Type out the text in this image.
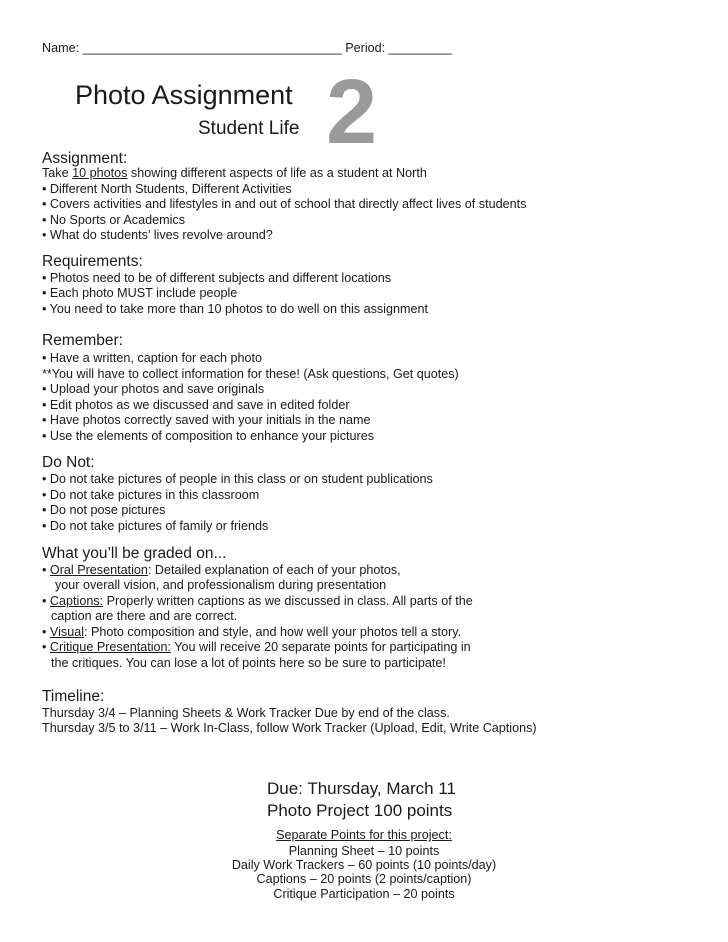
Name: _____________________________________ Period: _________
Photo Assignment
Student Life 2
Assignment:
Take 10 photos showing different aspects of life as a student at North
• Different North Students, Different Activities
• Covers activities and lifestyles in and out of school that directly affect lives of students
• No Sports or Academics
• What do students’ lives revolve around?
Requirements:
• Photos need to be of different subjects and different locations
• Each photo MUST include people
• You need to take more than 10 photos to do well on this assignment
Remember:
• Have a written, caption for each photo
**You will have to collect information for these! (Ask questions, Get quotes)
• Upload your photos and save originals
• Edit photos as we discussed and save in edited folder
• Have photos correctly saved with your initials in the name
• Use the elements of composition to enhance your pictures
Do Not:
• Do not take pictures of people in this class or on student publications
• Do not take pictures in this classroom
• Do not pose pictures
• Do not take pictures of family or friends
What you’ll be graded on...
• Oral Presentation: Detailed explanation of each of your photos,
your overall vision, and professionalism during presentation
• Captions: Properly written captions as we discussed in class. All parts of the
caption are there and are correct.
• Visual: Photo composition and style, and how well your photos tell a story.
• Critique Presentation: You will receive 20 separate points for participating in
the critiques. You can lose a lot of points here so be sure to participate!
Timeline:
Thursday 3/4 – Planning Sheets & Work Tracker Due by end of the class.
Thursday 3/5 to 3/11 – Work In-Class, follow Work Tracker (Upload, Edit, Write Captions)
Due: Thursday, March 11
Photo Project 100 points
Separate Points for this project:
Planning Sheet – 10 points
Daily Work Trackers – 60 points (10 points/day)
Captions – 20 points (2 points/caption)
Critique Participation – 20 points
